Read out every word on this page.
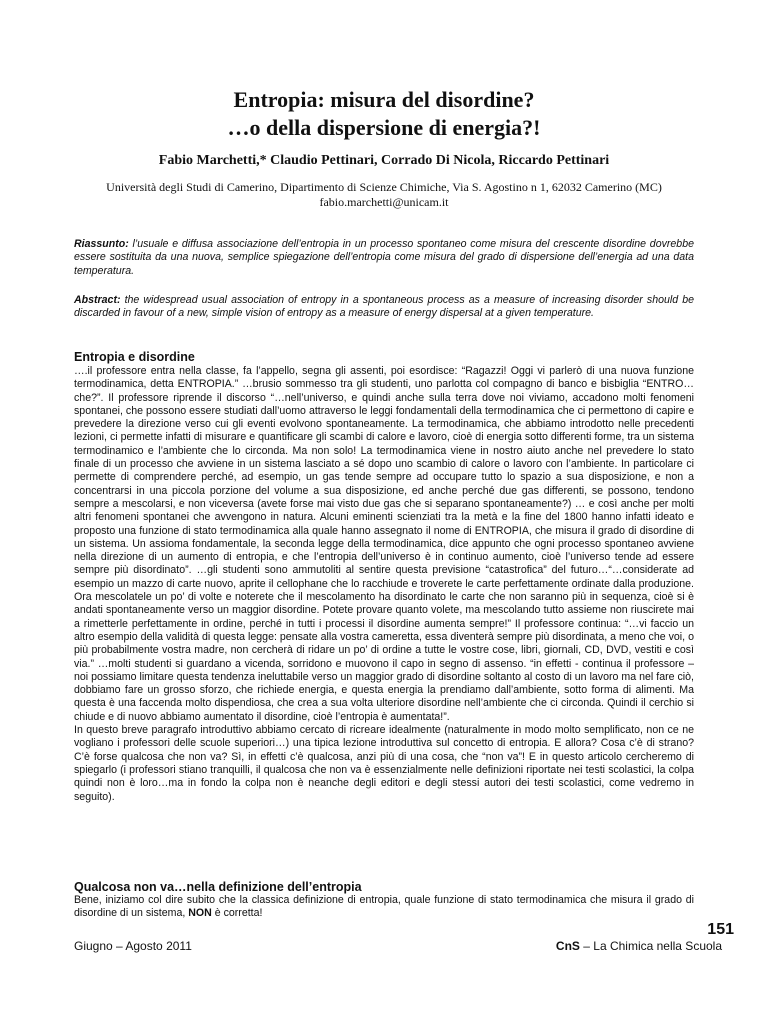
Entropia: misura del disordine?
…o della dispersione di energia?!
Fabio Marchetti,* Claudio Pettinari, Corrado Di Nicola, Riccardo Pettinari
Università degli Studi di Camerino, Dipartimento di Scienze Chimiche, Via S. Agostino n 1, 62032 Camerino (MC)
fabio.marchetti@unicam.it

Riassunto: l’usuale e diffusa associazione dell’entropia in un processo spontaneo come misura del crescente disordine dovrebbe essere sostituita da una nuova, semplice spiegazione dell’entropia come misura del grado di dispersione dell’energia ad una data temperatura.

Abstract: the widespread usual association of entropy in a spontaneous process as a measure of increasing disorder should be discarded in favour of a new, simple vision of entropy as a measure of energy dispersal at a given temperature.

Entropia e disordine

….il professore entra nella classe, fa l’appello, segna gli assenti, poi esordisce: “Ragazzi! Oggi vi parlerò di una nuova funzione termodinamica, detta ENTROPIA.” …brusio sommesso tra gli studenti, uno parlotta col compagno di banco e bisbiglia “ENTRO…che?”. Il professore riprende il discorso “…nell’universo, e quindi anche sulla terra dove noi viviamo, accadono molti fenomeni spontanei, che possono essere studiati dall’uomo attraverso le leggi fondamentali della termodinamica che ci permettono di capire e prevedere la direzione verso cui gli eventi evolvono spontaneamente. La termodinamica, che abbiamo introdotto nelle precedenti lezioni, ci permette infatti di misurare e quantificare gli scambi di calore e lavoro, cioè di energia sotto differenti forme, tra un sistema termodinamico e l’ambiente che lo circonda. Ma non solo! La termodinamica viene in nostro aiuto anche nel prevedere lo stato finale di un processo che avviene in un sistema lasciato a sé dopo uno scambio di calore o lavoro con l’ambiente. In particolare ci permette di comprendere perché, ad esempio, un gas tende sempre ad occupare tutto lo spazio a sua disposizione, e non a concentrarsi in una piccola porzione del volume a sua disposizione, ed anche perché due gas differenti, se possono, tendono sempre a mescolarsi, e non viceversa (avete forse mai visto due gas che si separano spontaneamente?) … e così anche per molti altri fenomeni spontanei che avvengono in natura. Alcuni eminenti scienziati tra la metà e la fine del 1800 hanno infatti ideato e proposto una funzione di stato termodinamica alla quale hanno assegnato il nome di ENTROPIA, che misura il grado di disordine di un sistema. Un assioma fondamentale, la seconda legge della termodinamica, dice appunto che ogni processo spontaneo avviene nella direzione di un aumento di entropia, e che l’entropia dell’universo è in continuo aumento, cioè l’universo tende ad essere sempre più disordinato”. …gli studenti sono ammutoliti al sentire questa previsione “catastrofica” del futuro…“…considerate ad esempio un mazzo di carte nuovo, aprite il cellophane che lo racchiude e troverete le carte perfettamente ordinate dalla produzione. Ora mescolatele un po’ di volte e noterete che il mescolamento ha disordinato le carte che non saranno più in sequenza, cioè si è andati spontaneamente verso un maggior disordine. Potete provare quanto volete, ma mescolando tutto assieme non riuscirete mai a rimetterle perfettamente in ordine, perché in tutti i processi il disordine aumenta sempre!” Il professore continua: “…vi faccio un altro esempio della validità di questa legge: pensate alla vostra cameretta, essa diventerà sempre più disordinata, a meno che voi, o più probabilmente vostra madre, non cercherà di ridare un po’ di ordine a tutte le vostre cose, libri, giornali, CD, DVD, vestiti e così via.” …molti studenti si guardano a vicenda, sorridono e muovono il capo in segno di assenso. “in effetti - continua il professore – noi possiamo limitare questa tendenza ineluttabile verso un maggior grado di disordine soltanto al costo di un lavoro ma nel fare ciò, dobbiamo fare un grosso sforzo, che richiede energia, e questa energia la prendiamo dall’ambiente, sotto forma di alimenti. Ma questa è una faccenda molto dispendiosa, che crea a sua volta ulteriore disordine nell’ambiente che ci circonda. Quindi il cerchio si chiude e di nuovo abbiamo aumentato il disordine, cioè l’entropia è aumentata!”.

In questo breve paragrafo introduttivo abbiamo cercato di ricreare idealmente (naturalmente in modo molto semplificato, non ce ne vogliano i professori delle scuole superiori…) una tipica lezione introduttiva sul concetto di entropia. E allora? Cosa c’è di strano? C’è forse qualcosa che non va? Sì, in effetti c’è qualcosa, anzi più di una cosa, che “non va”! E in questo articolo cercheremo di spiegarlo (i professori stiano tranquilli, il qualcosa che non va è essenzialmente nelle definizioni riportate nei testi scolastici, la colpa quindi non è loro…ma in fondo la colpa non è neanche degli editori e degli stessi autori dei testi scolastici, come vedremo in seguito).

Qualcosa non va…nella definizione dell’entropia

Bene, iniziamo col dire subito che la classica definizione di entropia, quale funzione di stato termodinamica che misura il grado di disordine di un sistema, NON è corretta!

151
Giugno – Agosto 2011	CnS – La Chimica nella Scuola
